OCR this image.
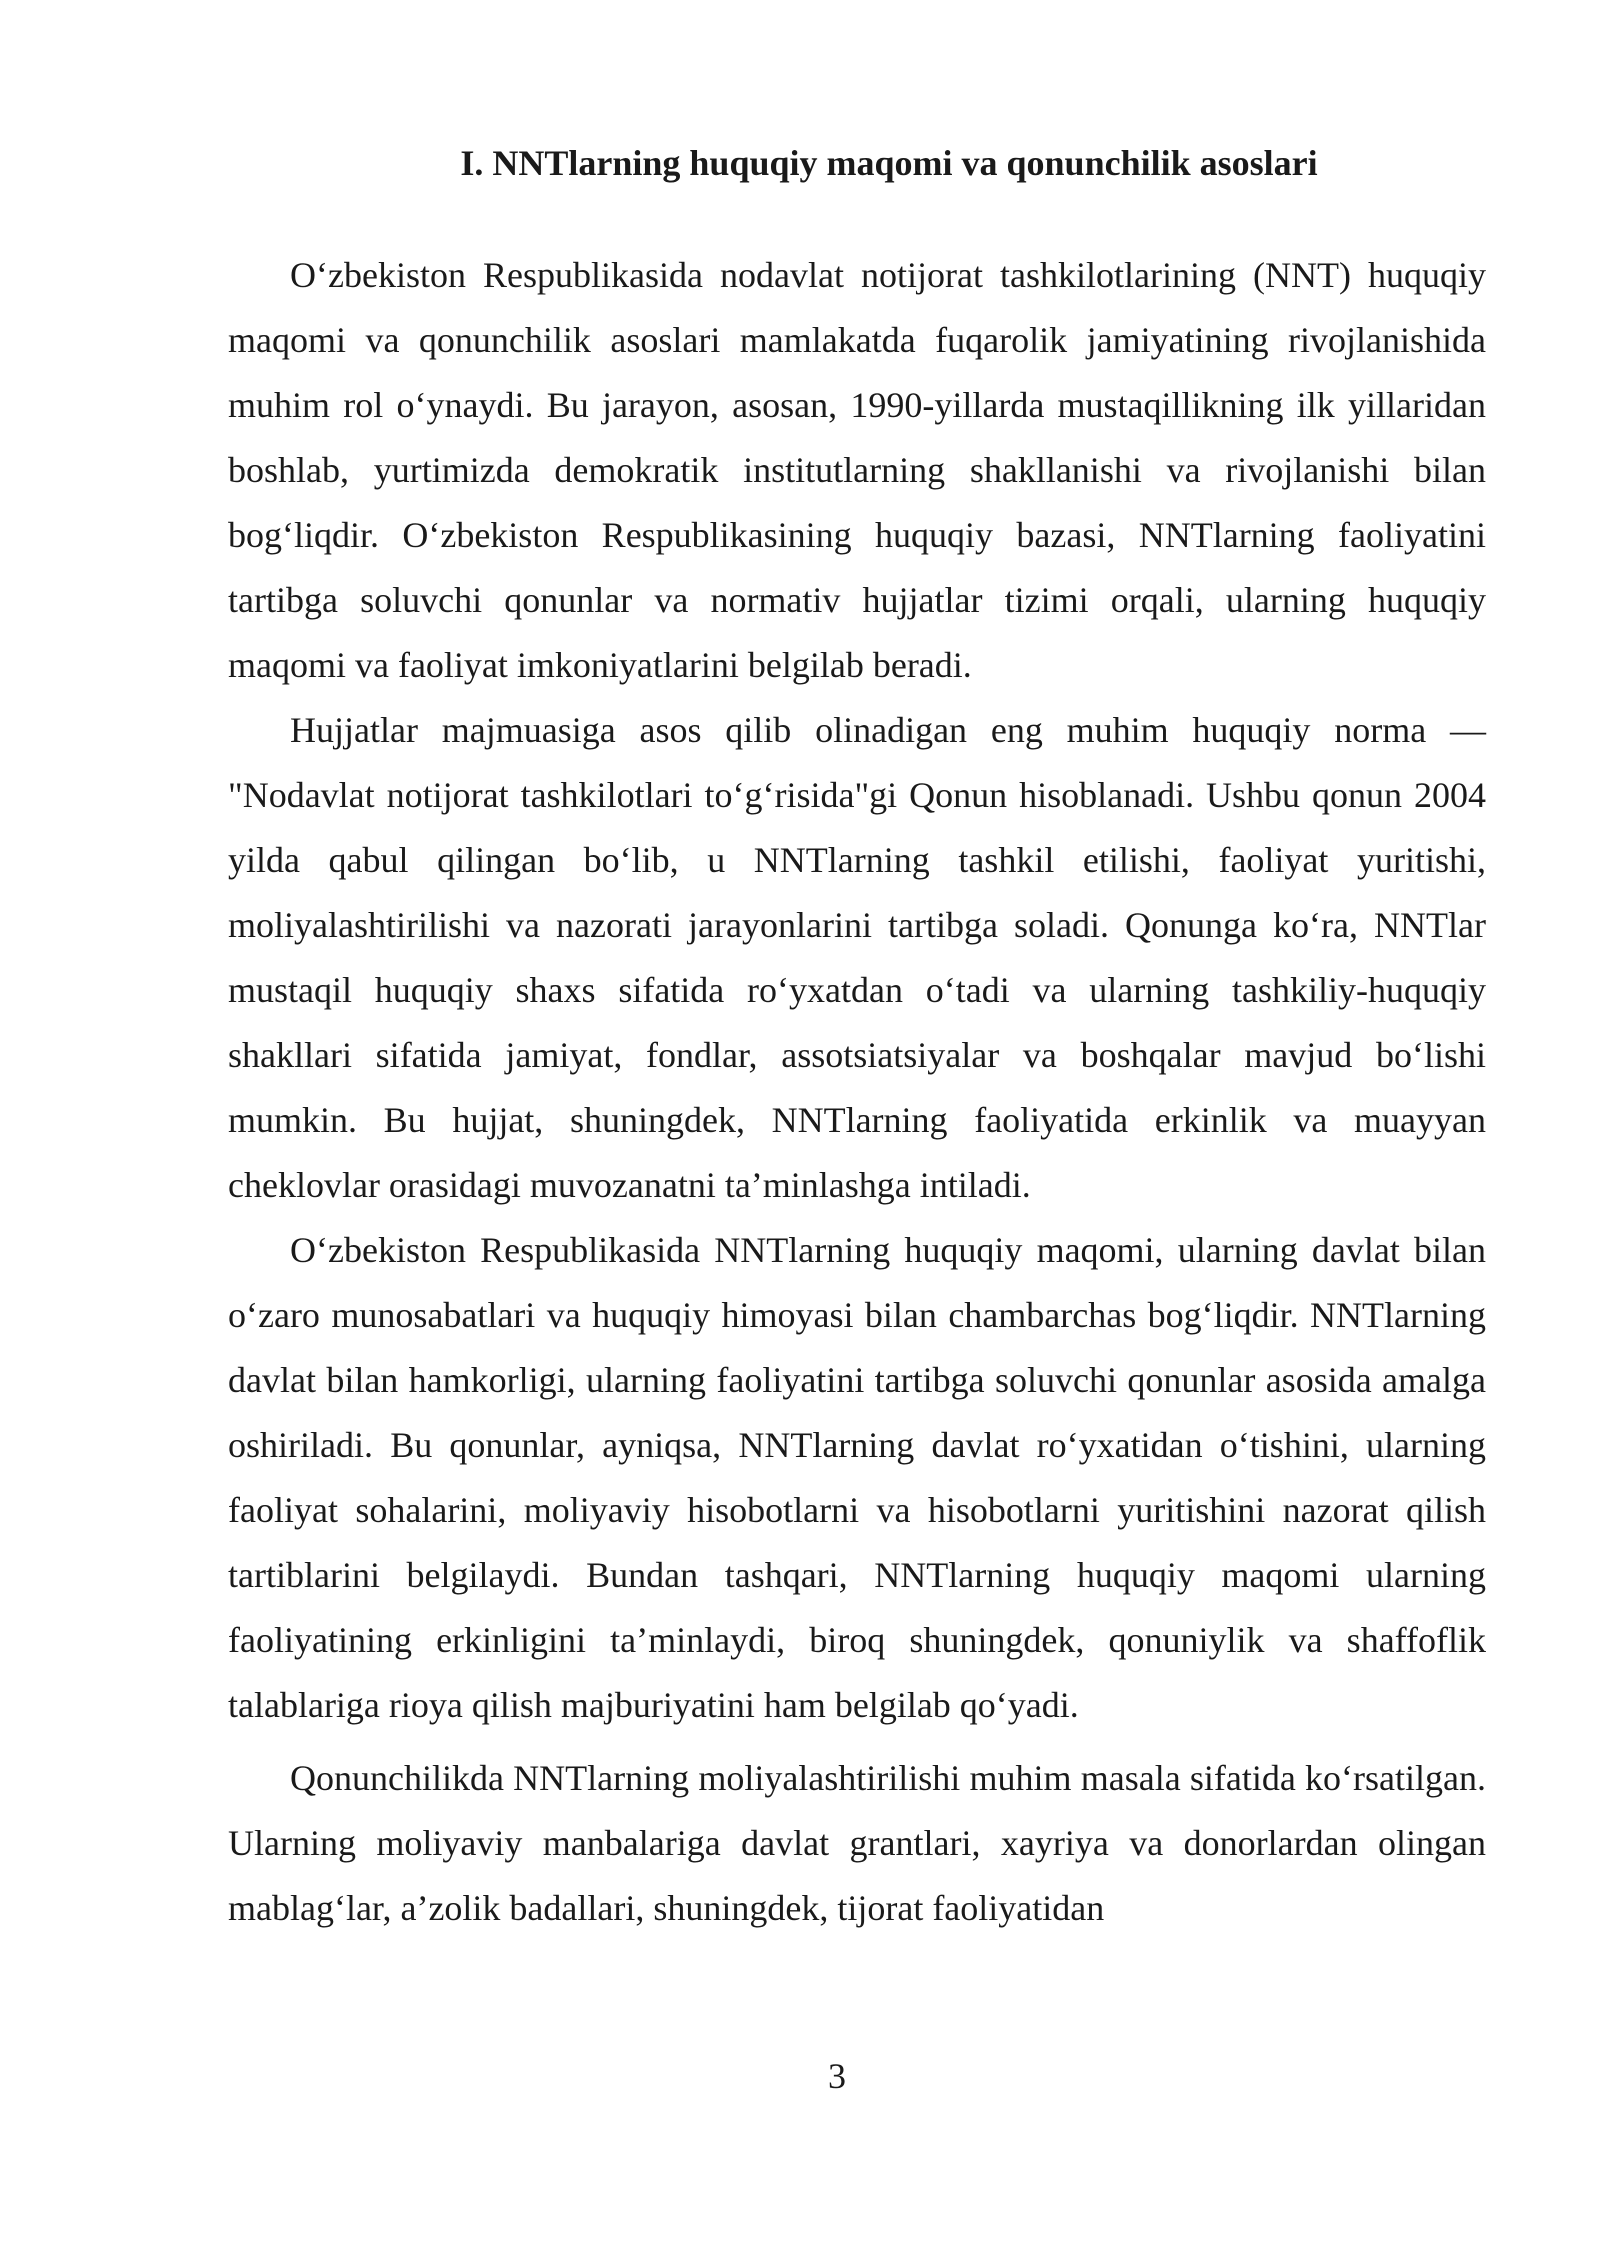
I. NNTlarning huquqiy maqomi va qonunchilik asoslari

O‘zbekiston Respublikasida nodavlat notijorat tashkilotlarining (NNT) huquqiy maqomi va qonunchilik asoslari mamlakatda fuqarolik jamiyatining rivojlanishida muhim rol o‘ynaydi. Bu jarayon, asosan, 1990-yillarda mustaqillikning ilk yillaridan boshlab, yurtimizda demokratik institutlarning shakllanishi va rivojlanishi bilan bog‘liqdir. O‘zbekiston Respublikasining huquqiy bazasi, NNTlarning faoliyatini tartibga soluvchi qonunlar va normativ hujjatlar tizimi orqali, ularning huquqiy maqomi va faoliyat imkoniyatlarini belgilab beradi.

Hujjatlar majmuasiga asos qilib olinadigan eng muhim huquqiy norma — "Nodavlat notijorat tashkilotlari to‘g‘risida"gi Qonun hisoblanadi. Ushbu qonun 2004 yilda qabul qilingan bo‘lib, u NNTlarning tashkil etilishi, faoliyat yuritishi, moliyalashtirilishi va nazorati jarayonlarini tartibga soladi. Qonunga ko‘ra, NNTlar mustaqil huquqiy shaxs sifatida ro‘yxatdan o‘tadi va ularning tashkiliy-huquqiy shakllari sifatida jamiyat, fondlar, assotsiatsiyalar va boshqalar mavjud bo‘lishi mumkin. Bu hujjat, shuningdek, NNTlarning faoliyatida erkinlik va muayyan cheklovlar orasidagi muvozanatni ta’minlashga intiladi.

O‘zbekiston Respublikasida NNTlarning huquqiy maqomi, ularning davlat bilan o‘zaro munosabatlari va huquqiy himoyasi bilan chambarchas bog‘liqdir. NNTlarning davlat bilan hamkorligi, ularning faoliyatini tartibga soluvchi qonunlar asosida amalga oshiriladi. Bu qonunlar, ayniqsa, NNTlarning davlat ro‘yxatidan o‘tishini, ularning faoliyat sohalarini, moliyaviy hisobotlarni va hisobotlarni yuritishini nazorat qilish tartiblarini belgilaydi. Bundan tashqari, NNTlarning huquqiy maqomi ularning faoliyatining erkinligini ta’minlaydi, biroq shuningdek, qonuniylik va shaffoflik talablariga rioya qilish majburiyatini ham belgilab qo‘yadi.

Qonunchilikda NNTlarning moliyalashtirilishi muhim masala sifatida ko‘rsatilgan. Ularning moliyaviy manbalariga davlat grantlari, xayriya va donorlardan olingan mablag‘lar, a’zolik badallari, shuningdek, tijorat faoliyatidan

3
